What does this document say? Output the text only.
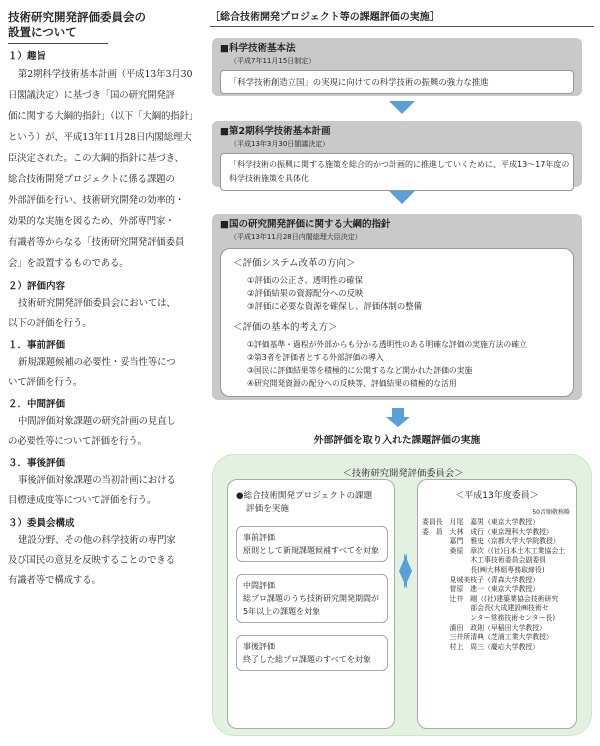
技術研究開発評価委員会の
設置について
１）趣旨
第2期科学技術基本計画（平成13年3月30
日閣議決定）に基づき「国の研究開発評
価に関する大綱的指針」（以下「大綱的指針」
という）が、平成13年11月28日内閣総理大
臣決定された。この大綱的指針に基づき、
総合技術開発プロジェクトに係る課題の
外部評価を行い、技術研究開発の効率的・
効果的な実施を図るため、外部専門家・
有識者等からなる「技術研究開発評価委員
会」を設置するものである。
２）評価内容
技術研究開発評価委員会においては、
以下の評価を行う。
１．事前評価
新規課題候補の必要性・妥当性等につ
いて評価を行う。
２．中間評価
中間評価対象課題の研究計画の見直し
の必要性等について評価を行う。
３．事後評価
事後評価対象課題の当初計画における
目標達成度等について評価を行う。
３）委員会構成
建設分野、その他の科学技術の専門家
及び国民の意見を反映することのできる
有識者等で構成する。
［総合技術開発プロジェクト等の課題評価の実施］
■科学技術基本法
（平成7年11月15日制定）
「科学技術創造立国」の実現に向けての科学技術の振興の強力な推進
■第2期科学技術基本計画
（平成13年3月30日閣議決定）
「科学技術の振興に関する施策を総合的かつ計画的に推進していくために、平成13～17年度の
科学技術施策を具体化
■国の研究開発評価に関する大綱的指針
（平成13年11月28日内閣総理大臣決定）
＜評価システム改革の方向＞
①評価の公正さ、透明性の確保
②評価結果の資源配分への反映
③評価に必要な資源を確保し、評価体制の整備
＜評価の基本的考え方＞
①評価基準・過程が外部からも分かる透明性のある明確な評価の実施方法の確立
②第3者を評価者とする外部評価の導入
③国民に評価結果等を積極的に公開するなど開かれた評価の実施
④研究開発資源の配分への反映等、評価結果の積極的な活用
外部評価を取り入れた課題評価の実施
＜技術研究開発評価委員会＞
●総合技術開発プロジェクトの課題
評価を実施
事前評価
原則として新規課題候補すべてを対象
中間評価
総プロ課題のうち技術研究開発期間が
5年以上の課題を対象
事後評価
終了した総プロ課題のすべてを対象
＜平成13年度委員＞
50音順敬称略
委員長　月尾　嘉男（東京大学教授）
委　員　大林　成行（東京理科大学教授）
　　　　嘉門　雅史（京都大学大学院教授）
　　　　桑原　章次（(社)日本土木工業協会土
　　　　　　　木工事技術委員会副委員
　　　　　　　長(㈱大林組専務取締役)
　　　　見城美枝子（青森大学教授）
　　　　菅原　進一（東京大学教授）
　　　　辻井　剛（(社)建築業協会技術研究
　　　　　　　部会長(大成建設㈱技術セ
　　　　　　　ンター常務技術センター長)
　　　　濱田　政則（早稲田大学教授）
　　　　三井所清典（芝浦工業大学教授）
　　　　村上　周三（慶応大学教授）
